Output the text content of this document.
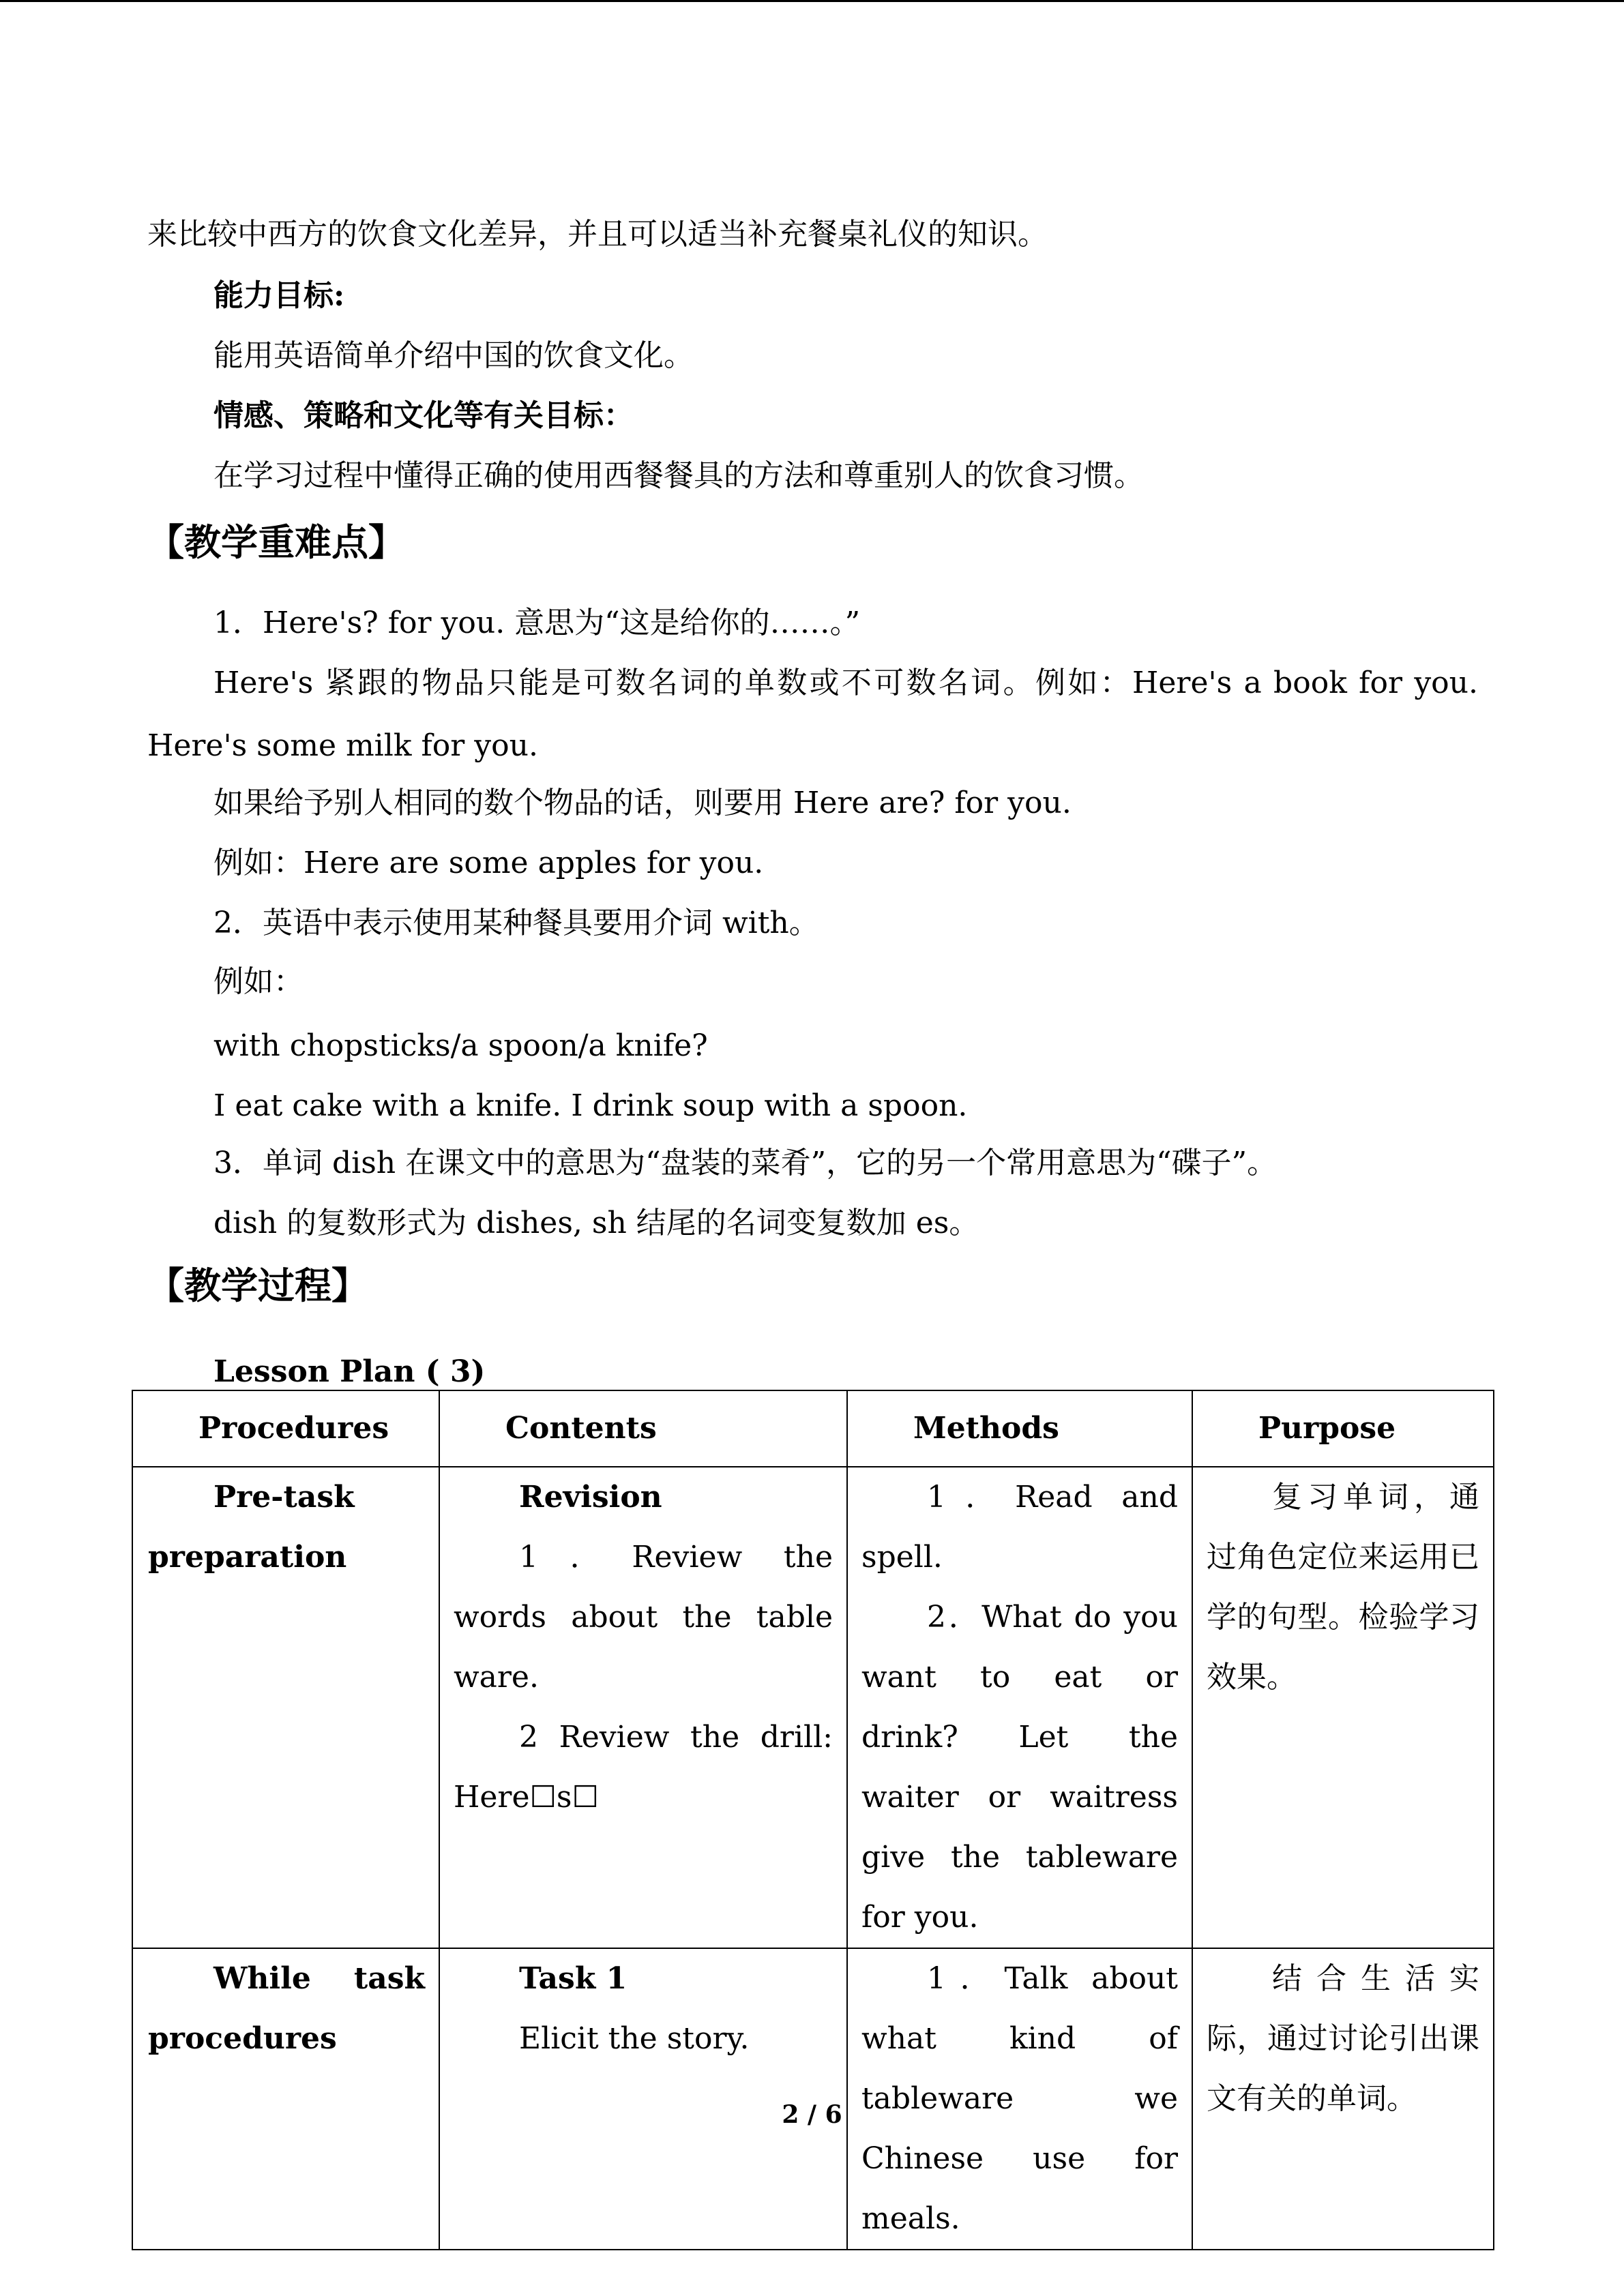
来比较中西方的饮食文化差异，并且可以适当补充餐桌礼仪的知识。
能力目标:
能用英语简单介绍中国的饮食文化。
情感、策略和文化等有关目标：
在学习过程中懂得正确的使用西餐餐具的方法和尊重别人的饮食习惯。
【教学重难点】
1．Here's? for you. 意思为“这是给你的……。”
Here's 紧跟的物品只能是可数名词的单数或不可数名词。例如：Here's a book for you.
Here's some milk for you.
如果给予别人相同的数个物品的话，则要用 Here are? for you.
例如：Here are some apples for you.
2．英语中表示使用某种餐具要用介词 with。
例如：
with chopsticks/a spoon/a knife?
I eat cake with a knife. I drink soup with a spoon.
3．单词 dish 在课文中的意思为“盘装的菜肴”，它的另一个常用意思为“碟子”。
dish 的复数形式为 dishes, sh 结尾的名词变复数加 es。
【教学过程】
Lesson Plan ( 3)
Procedures	Contents	Methods	Purpose

Pre-task
preparation	Revision
1．Review the words about the table ware.
2 Review the drill: Here☐s☐	1．Read and spell.
2．What do you want to eat or drink? Let the waiter or waitress give the tableware for you.	复习单词，通过角色定位来运用已学的句型。检验学习效果。

While task
procedures	Task 1
Elicit the story.	1．Talk about what kind of tableware we Chinese use for meals.	结合生活实际，通过讨论引出课文有关的单词。
2 / 6
